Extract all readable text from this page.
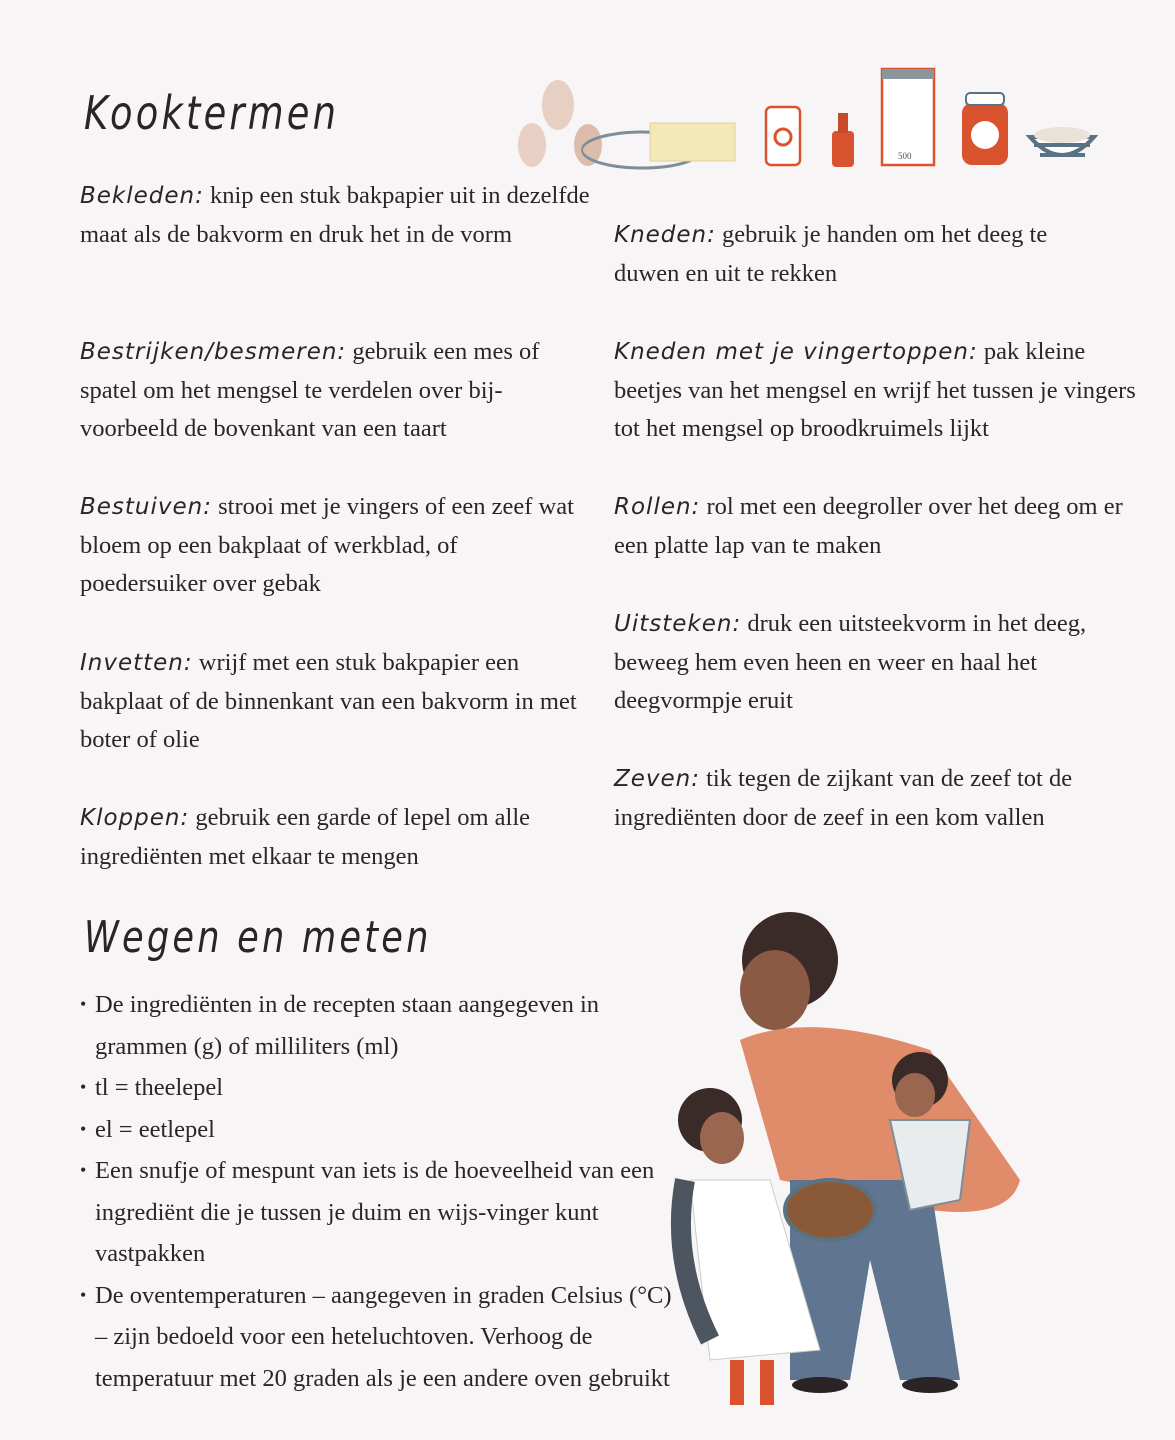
Kooktermen
500
Bekleden: knip een stuk bakpapier uit in dezelfde maat als de bakvorm en druk het in de vorm
Bestrijken/besmeren: gebruik een mes of spatel om het mengsel te verdelen over bij-voorbeeld de bovenkant van een taart
Bestuiven: strooi met je vingers of een zeef wat bloem op een bakplaat of werkblad, of poedersuiker over gebak
Invetten: wrijf met een stuk bakpapier een bakplaat of de binnenkant van een bakvorm in met boter of olie
Kloppen: gebruik een garde of lepel om alle ingrediënten met elkaar te mengen
Kneden: gebruik je handen om het deeg te duwen en uit te rekken
Kneden met je vingertoppen: pak kleine beetjes van het mengsel en wrijf het tussen je vingers tot het mengsel op broodkruimels lijkt
Rollen: rol met een deegroller over het deeg om er een platte lap van te maken
Uitsteken: druk een uitsteekvorm in het deeg, beweeg hem even heen en weer en haal het deegvormpje eruit
Zeven: tik tegen de zijkant van de zeef tot de ingrediënten door de zeef in een kom vallen
Wegen en meten
• De ingrediënten in de recepten staan aangegeven in grammen (g) of milliliters (ml)
• tl = theelepel
• el = eetlepel
• Een snufje of mespunt van iets is de hoeveelheid van een ingrediënt die je tussen je duim en wijs-vinger kunt vastpakken
• De oventemperaturen – aangegeven in graden Celsius (°C) – zijn bedoeld voor een heteluchtoven. Verhoog de temperatuur met 20 graden als je een andere oven gebruikt
